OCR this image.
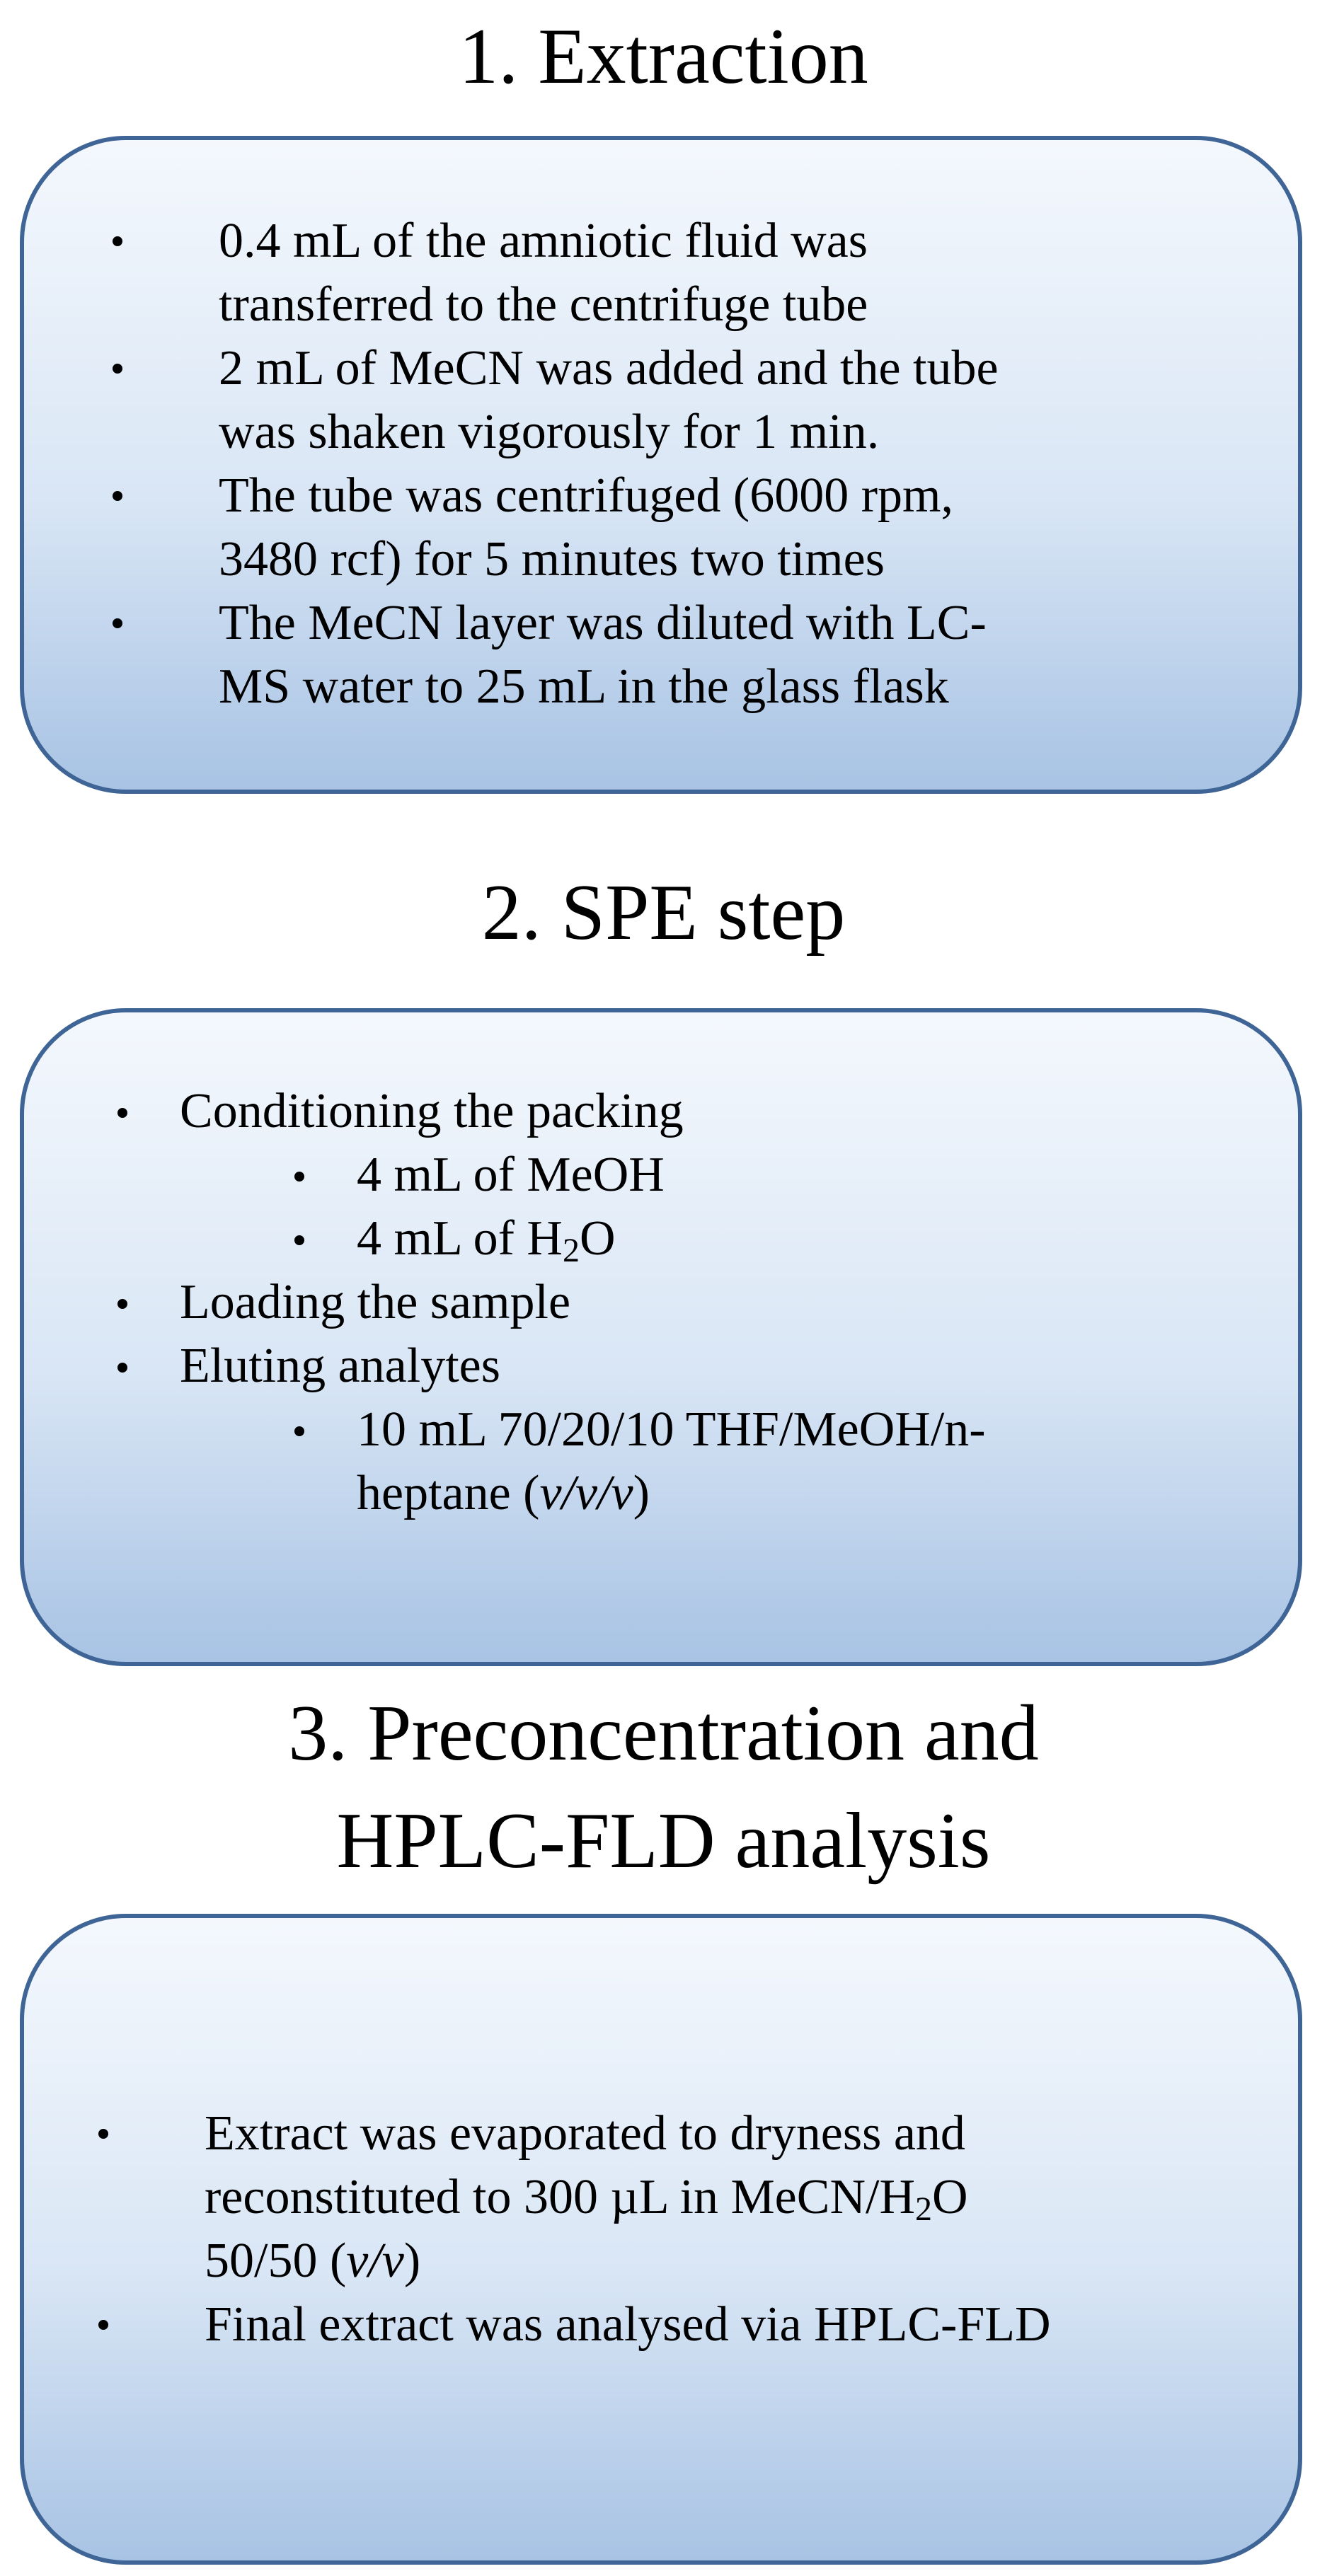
1. Extraction
0.4 mL of the amniotic fluid was
transferred to the centrifuge tube
2 mL of MeCN was added and the tube
was shaken vigorously for 1 min.
The tube was centrifuged (6000 rpm,
3480 rcf) for 5 minutes two times
The MeCN layer was diluted with LC-
MS water to 25 mL in the glass flask
2. SPE step
Conditioning the packing
4 mL of MeOH
4 mL of $H_2O$
Loading the sample
Eluting analytes
10 mL 70/20/10 THF/MeOH/n-
heptane (v/v/v)
3. Preconcentration and
HPLC-FLD analysis
Extract was evaporated to dryness and
reconstituted to 300 µL in MeCN/$H_2O$
50/50 (v/v)
Final extract was analysed via HPLC-FLD
